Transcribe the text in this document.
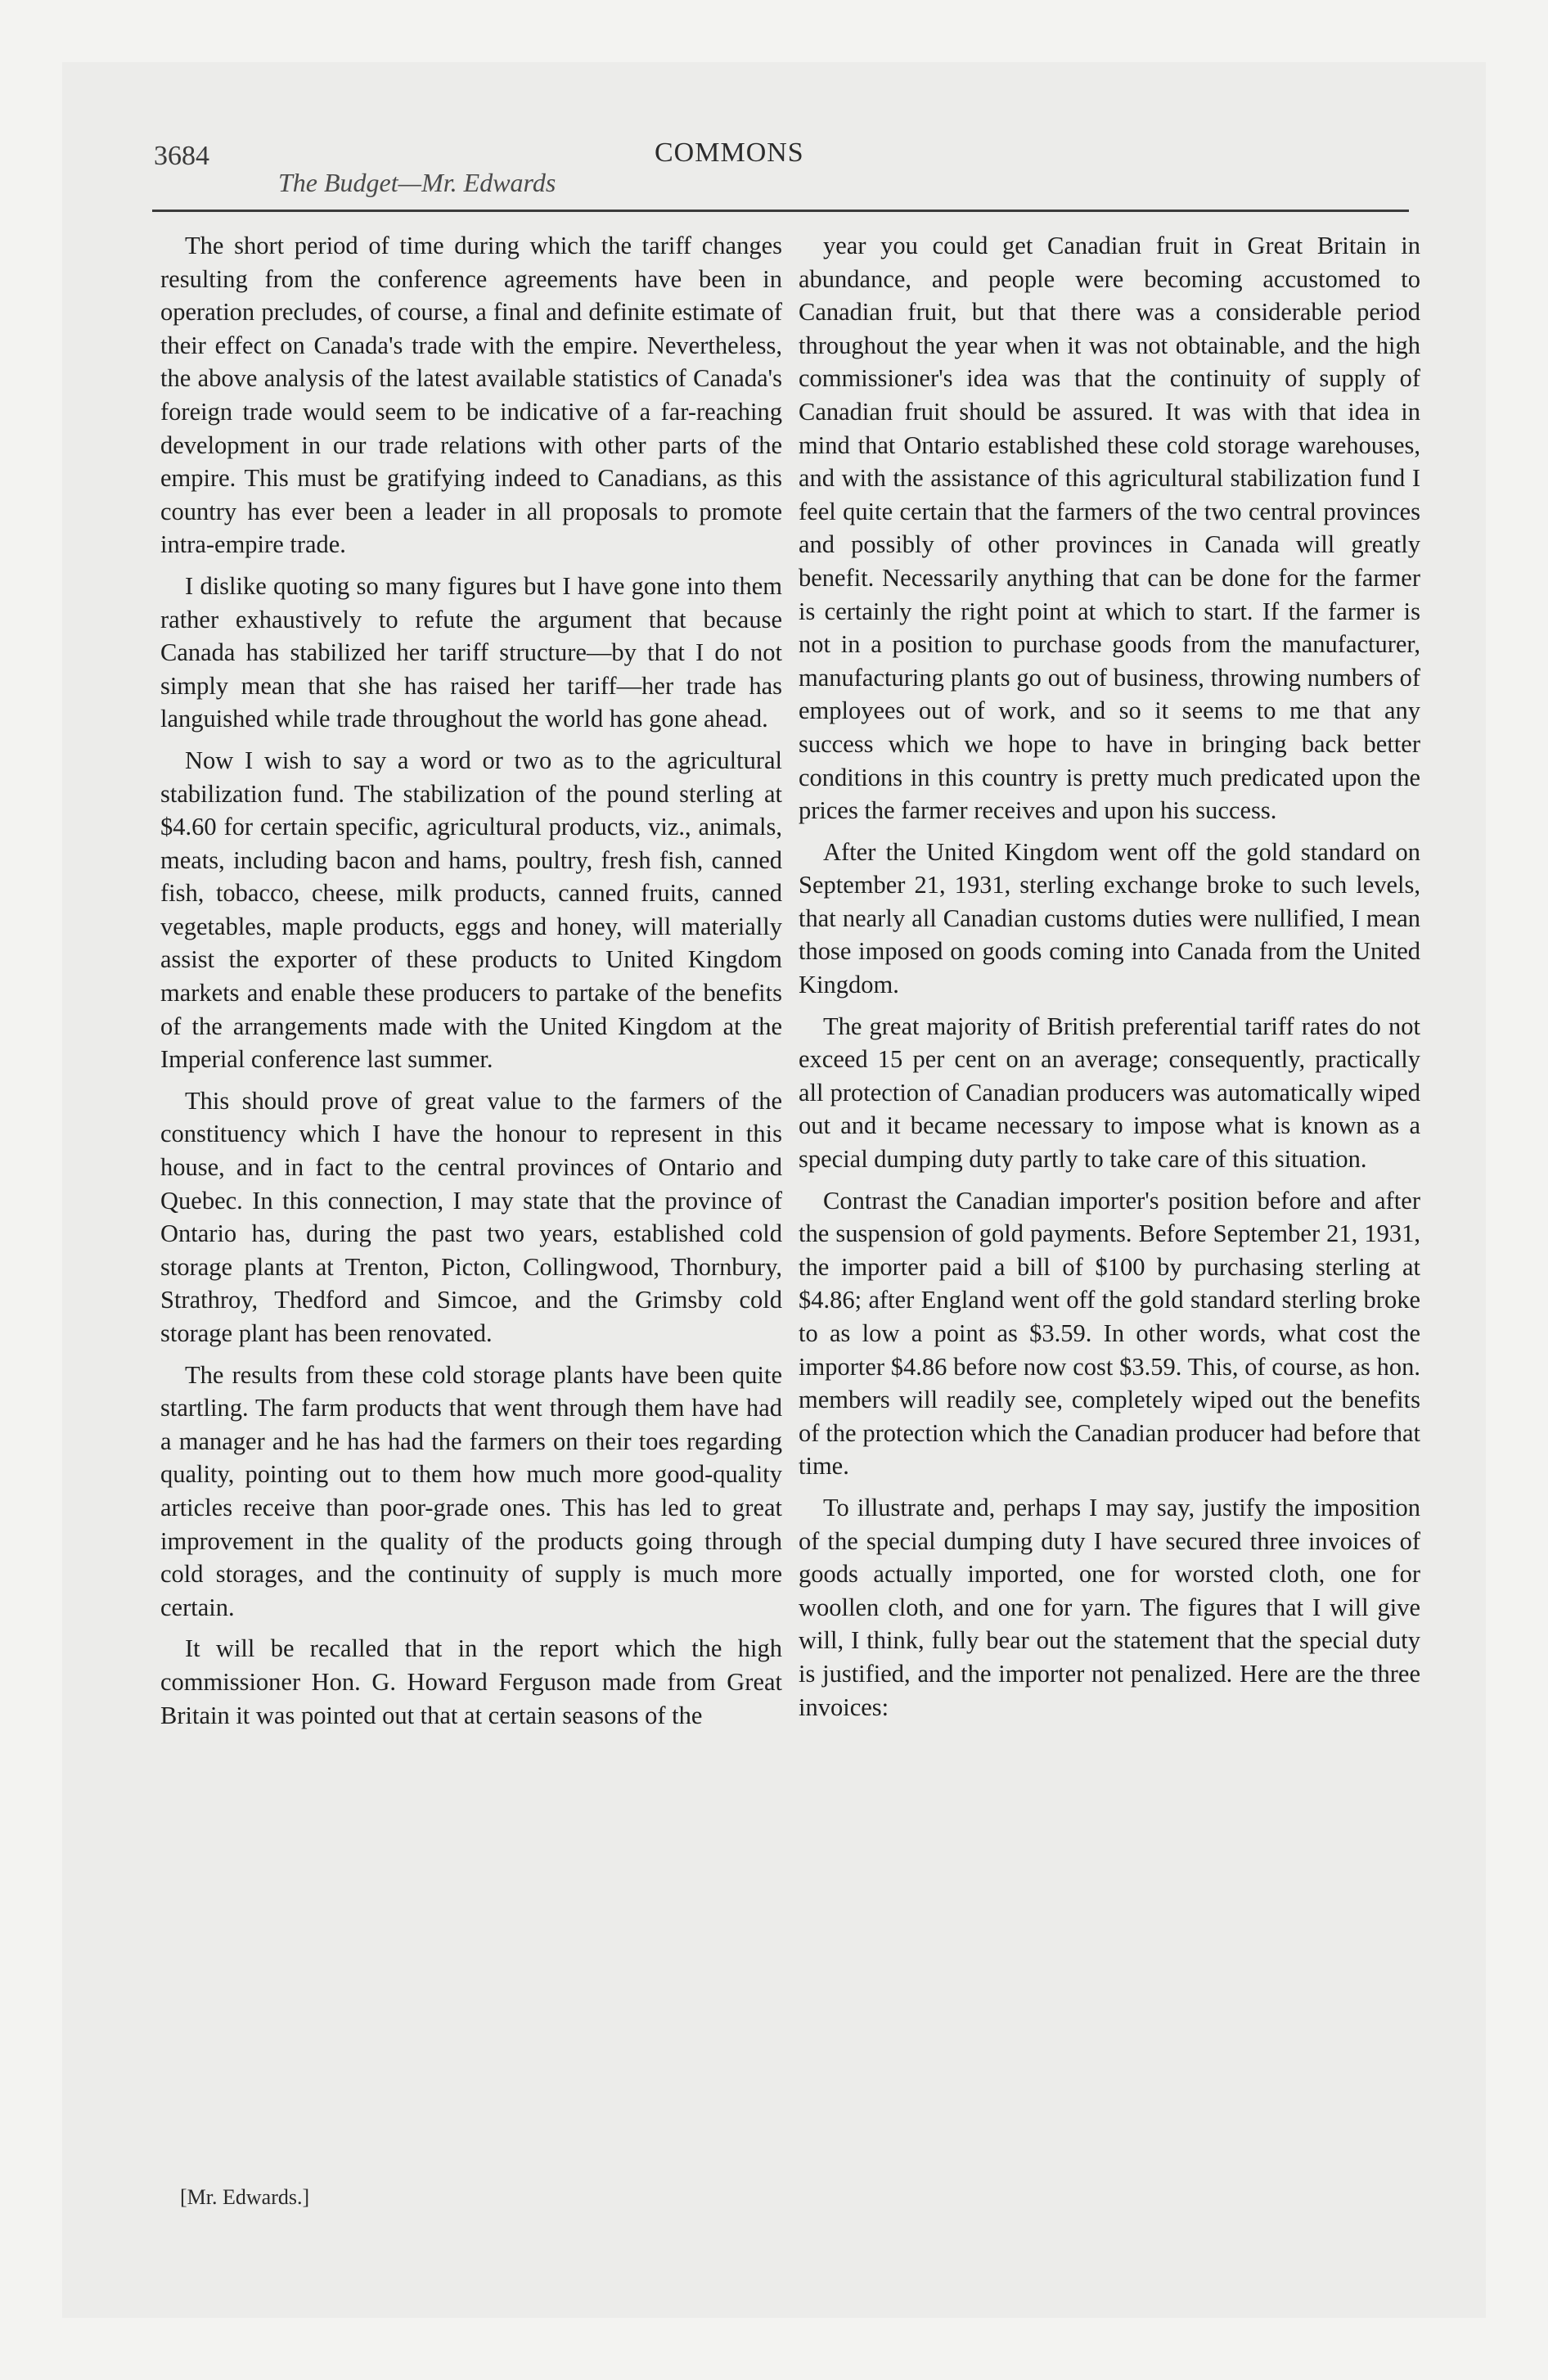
3684	COMMONS
The Budget—Mr. Edwards

The short period of time during which the tariff changes resulting from the conference agreements have been in operation precludes, of course, a final and definite estimate of their effect on Canada's trade with the empire. Nevertheless, the above analysis of the latest available statistics of Canada's foreign trade would seem to be indicative of a far-reaching development in our trade relations with other parts of the empire. This must be gratifying indeed to Canadians, as this country has ever been a leader in all proposals to promote intra-empire trade.

I dislike quoting so many figures but I have gone into them rather exhaustively to refute the argument that because Canada has stabilized her tariff structure—by that I do not simply mean that she has raised her tariff—her trade has languished while trade throughout the world has gone ahead.

Now I wish to say a word or two as to the agricultural stabilization fund. The stabilization of the pound sterling at $4.60 for certain specific, agricultural products, viz., animals, meats, including bacon and hams, poultry, fresh fish, canned fish, tobacco, cheese, milk products, canned fruits, canned vegetables, maple products, eggs and honey, will materially assist the exporter of these products to United Kingdom markets and enable these producers to partake of the benefits of the arrangements made with the United Kingdom at the Imperial conference last summer.

This should prove of great value to the farmers of the constituency which I have the honour to represent in this house, and in fact to the central provinces of Ontario and Quebec. In this connection, I may state that the province of Ontario has, during the past two years, established cold storage plants at Trenton, Picton, Collingwood, Thornbury, Strathroy, Thedford and Simcoe, and the Grimsby cold storage plant has been renovated.

The results from these cold storage plants have been quite startling. The farm products that went through them have had a manager and he has had the farmers on their toes regarding quality, pointing out to them how much more good-quality articles receive than poor-grade ones. This has led to great improvement in the quality of the products going through cold storages, and the continuity of supply is much more certain.

It will be recalled that in the report which the high commissioner Hon. G. Howard Ferguson made from Great Britain it was pointed out that at certain seasons of the

year you could get Canadian fruit in Great Britain in abundance, and people were becoming accustomed to Canadian fruit, but that there was a considerable period throughout the year when it was not obtainable, and the high commissioner's idea was that the continuity of supply of Canadian fruit should be assured. It was with that idea in mind that Ontario established these cold storage warehouses, and with the assistance of this agricultural stabilization fund I feel quite certain that the farmers of the two central provinces and possibly of other provinces in Canada will greatly benefit. Necessarily anything that can be done for the farmer is certainly the right point at which to start. If the farmer is not in a position to purchase goods from the manufacturer, manufacturing plants go out of business, throwing numbers of employees out of work, and so it seems to me that any success which we hope to have in bringing back better conditions in this country is pretty much predicated upon the prices the farmer receives and upon his success.

After the United Kingdom went off the gold standard on September 21, 1931, sterling exchange broke to such levels, that nearly all Canadian customs duties were nullified, I mean those imposed on goods coming into Canada from the United Kingdom.

The great majority of British preferential tariff rates do not exceed 15 per cent on an average; consequently, practically all protection of Canadian producers was automatically wiped out and it became necessary to impose what is known as a special dumping duty partly to take care of this situation.

Contrast the Canadian importer's position before and after the suspension of gold payments. Before September 21, 1931, the importer paid a bill of $100 by purchasing sterling at $4.86; after England went off the gold standard sterling broke to as low a point as $3.59. In other words, what cost the importer $4.86 before now cost $3.59. This, of course, as hon. members will readily see, completely wiped out the benefits of the protection which the Canadian producer had before that time.

To illustrate and, perhaps I may say, justify the imposition of the special dumping duty I have secured three invoices of goods actually imported, one for worsted cloth, one for woollen cloth, and one for yarn. The figures that I will give will, I think, fully bear out the statement that the special duty is justified, and the importer not penalized. Here are the three invoices:

[Mr. Edwards.]
